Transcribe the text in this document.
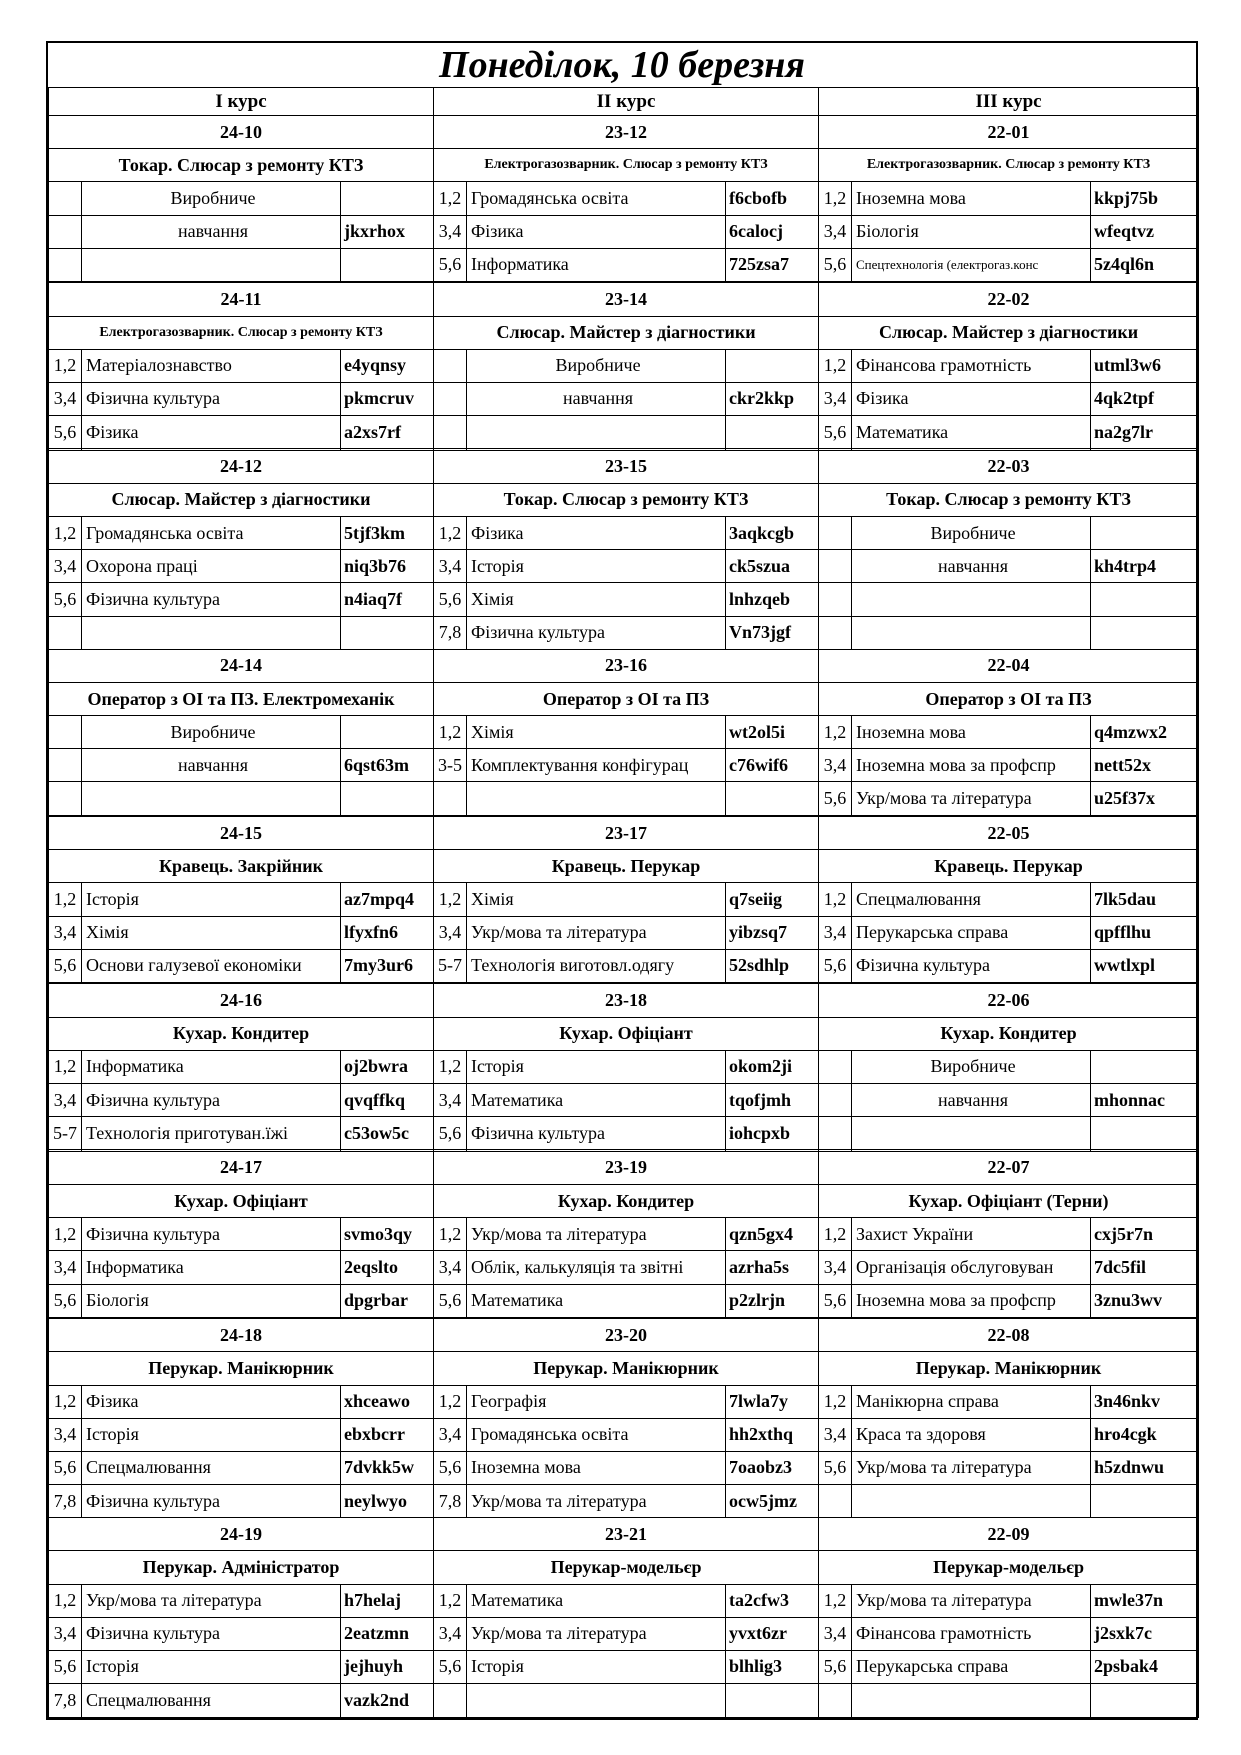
Понеділок, 10 березня
І курс			ІІ курс			ІІІ курс		
24-10			23-12			22-01		
Токар. Слюсар з ремонту КТЗ			Електрогазозварник. Слюсар з ремонту КТЗ			Електрогазозварник. Слюсар з ремонту КТЗ		
	Виробниче		1,2	Громадянська освіта	f6cbofb	1,2	Іноземна мова	kkpj75b
	навчання	jkxrhox	3,4	Фізика	6calocj	3,4	Біологія	wfeqtvz
			5,6	Інформатика	725zsa7	5,6	Спецтехнологія (електрогаз.конс	5z4ql6n

24-11			23-14			22-02		
Електрогазозварник. Слюсар з ремонту КТЗ			Слюсар. Майстер з діагностики			Слюсар. Майстер з діагностики		
1,2	Матеріалознавство	e4yqnsy		Виробниче		1,2	Фінансова грамотність	utml3w6
3,4	Фізична культура	pkmcruv		навчання	ckr2kkp	3,4	Фізика	4qk2tpf
5,6	Фізика	a2xs7rf				5,6	Математика	na2g7lr

24-12			23-15			22-03		
Слюсар. Майстер з діагностики			Токар. Слюсар з ремонту КТЗ			Токар. Слюсар з ремонту КТЗ		
1,2	Громадянська освіта	5tjf3km	1,2	Фізика	3aqkcgb		Виробниче	
3,4	Охорона праці	niq3b76	3,4	Історія	ck5szua		навчання	kh4trp4
5,6	Фізична культура	n4iaq7f	5,6	Хімія	lnhzqeb			
			7,8	Фізична культура	Vn73jgf			
24-14			23-16			22-04		
Оператор з ОІ та ПЗ. Електромеханік			Оператор з ОІ та ПЗ			Оператор з ОІ та ПЗ		
	Виробниче		1,2	Хімія	wt2ol5i	1,2	Іноземна мова	q4mzwx2
	навчання	6qst63m	3-5	Комплектування конфігурац	c76wif6	3,4	Іноземна мова за профспр	nett52x
						5,6	Укр/мова та література	u25f37x

24-15			23-17			22-05		
Кравець. Закрійник			Кравець. Перукар			Кравець. Перукар		
1,2	Історія	az7mpq4	1,2	Хімія	q7seiig	1,2	Спецмалювання	7lk5dau
3,4	Хімія	lfyxfn6	3,4	Укр/мова та література	yibzsq7	3,4	Перукарська справа	qpfflhu
5,6	Основи галузевої економіки	7my3ur6	5-7	Технологія виготовл.одягу	52sdhlp	5,6	Фізична культура	wwtlxpl

24-16			23-18			22-06		
Кухар. Кондитер			Кухар. Офіціант			Кухар. Кондитер		
1,2	Інформатика	oj2bwra	1,2	Історія	okom2ji		Виробниче	
3,4	Фізична культура	qvqffkq	3,4	Математика	tqofjmh		навчання	mhonnac
5-7	Технологія приготуван.їжі	c53ow5c	5,6	Фізична культура	iohcpxb			

24-17			23-19			22-07		
Кухар. Офіціант			Кухар. Кондитер			Кухар. Офіціант (Терни)		
1,2	Фізична культура	svmo3qy	1,2	Укр/мова та література	qzn5gx4	1,2	Захист України	cxj5r7n
3,4	Інформатика	2eqslto	3,4	Облік, калькуляція та звітні	azrha5s	3,4	Організація обслуговуван	7dc5fil
5,6	Біологія	dpgrbar	5,6	Математика	p2zlrjn	5,6	Іноземна мова за профспр	3znu3wv

24-18			23-20			22-08		
Перукар. Манікюрник			Перукар. Манікюрник			Перукар. Манікюрник		
1,2	Фізика	xhceawo	1,2	Географія	7lwla7y	1,2	Манікюрна справа	3n46nkv
3,4	Історія	ebxbcrr	3,4	Громадянська освіта	hh2xthq	3,4	Краса та здоровя	hro4cgk
5,6	Спецмалювання	7dvkk5w	5,6	Іноземна мова	7oaobz3	5,6	Укр/мова та література	h5zdnwu
7,8	Фізична культура	neylwyo	7,8	Укр/мова та література	ocw5jmz			
24-19			23-21			22-09		
Перукар. Адміністратор			Перукар-модельєр			Перукар-модельєр		
1,2	Укр/мова та література	h7helaj	1,2	Математика	ta2cfw3	1,2	Укр/мова та література	mwle37n
3,4	Фізична культура	2eatzmn	3,4	Укр/мова та література	yvxt6zr	3,4	Фінансова грамотність	j2sxk7c
5,6	Історія	jejhuyh	5,6	Історія	blhlig3	5,6	Перукарська справа	2psbak4
7,8	Спецмалювання	vazk2nd						
